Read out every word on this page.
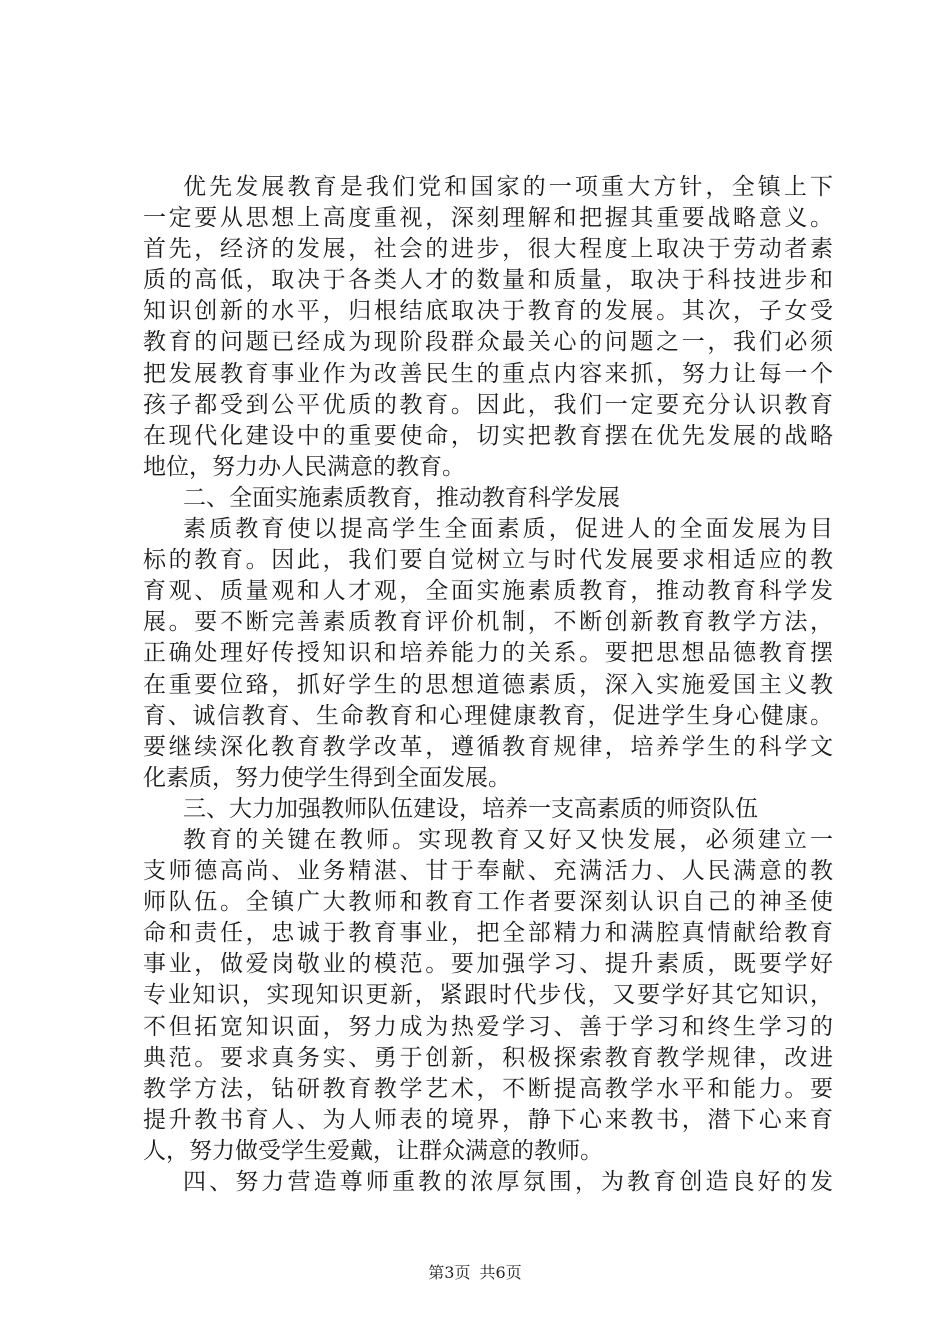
优先发展教育是我们党和国家的一项重大方针，全镇上下
一定要从思想上高度重视，深刻理解和把握其重要战略意义。
首先，经济的发展，社会的进步，很大程度上取决于劳动者素
质的高低，取决于各类人才的数量和质量，取决于科技进步和
知识创新的水平，归根结底取决于教育的发展。其次，子女受
教育的问题已经成为现阶段群众最关心的问题之一，我们必须
把发展教育事业作为改善民生的重点内容来抓，努力让每一个
孩子都受到公平优质的教育。因此，我们一定要充分认识教育
在现代化建设中的重要使命，切实把教育摆在优先发展的战略
地位，努力办人民满意的教育。
二、全面实施素质教育，推动教育科学发展
素质教育使以提高学生全面素质，促进人的全面发展为目
标的教育。因此，我们要自觉树立与时代发展要求相适应的教
育观、质量观和人才观，全面实施素质教育，推动教育科学发
展。要不断完善素质教育评价机制，不断创新教育教学方法，
正确处理好传授知识和培养能力的关系。要把思想品德教育摆
在重要位臵，抓好学生的思想道德素质，深入实施爱国主义教
育、诚信教育、生命教育和心理健康教育，促进学生身心健康。
要继续深化教育教学改革，遵循教育规律，培养学生的科学文
化素质，努力使学生得到全面发展。
三、大力加强教师队伍建设，培养一支高素质的师资队伍
教育的关键在教师。实现教育又好又快发展，必须建立一
支师德高尚、业务精湛、甘于奉献、充满活力、人民满意的教
师队伍。全镇广大教师和教育工作者要深刻认识自己的神圣使
命和责任，忠诚于教育事业，把全部精力和满腔真情献给教育
事业，做爱岗敬业的模范。要加强学习、提升素质，既要学好
专业知识，实现知识更新，紧跟时代步伐，又要学好其它知识，
不但拓宽知识面，努力成为热爱学习、善于学习和终生学习的
典范。要求真务实、勇于创新，积极探索教育教学规律，改进
教学方法，钻研教育教学艺术，不断提高教学水平和能力。要
提升教书育人、为人师表的境界，静下心来教书，潜下心来育
人，努力做受学生爱戴，让群众满意的教师。
四、努力营造尊师重教的浓厚氛围，为教育创造良好的发
第3页 共6页
